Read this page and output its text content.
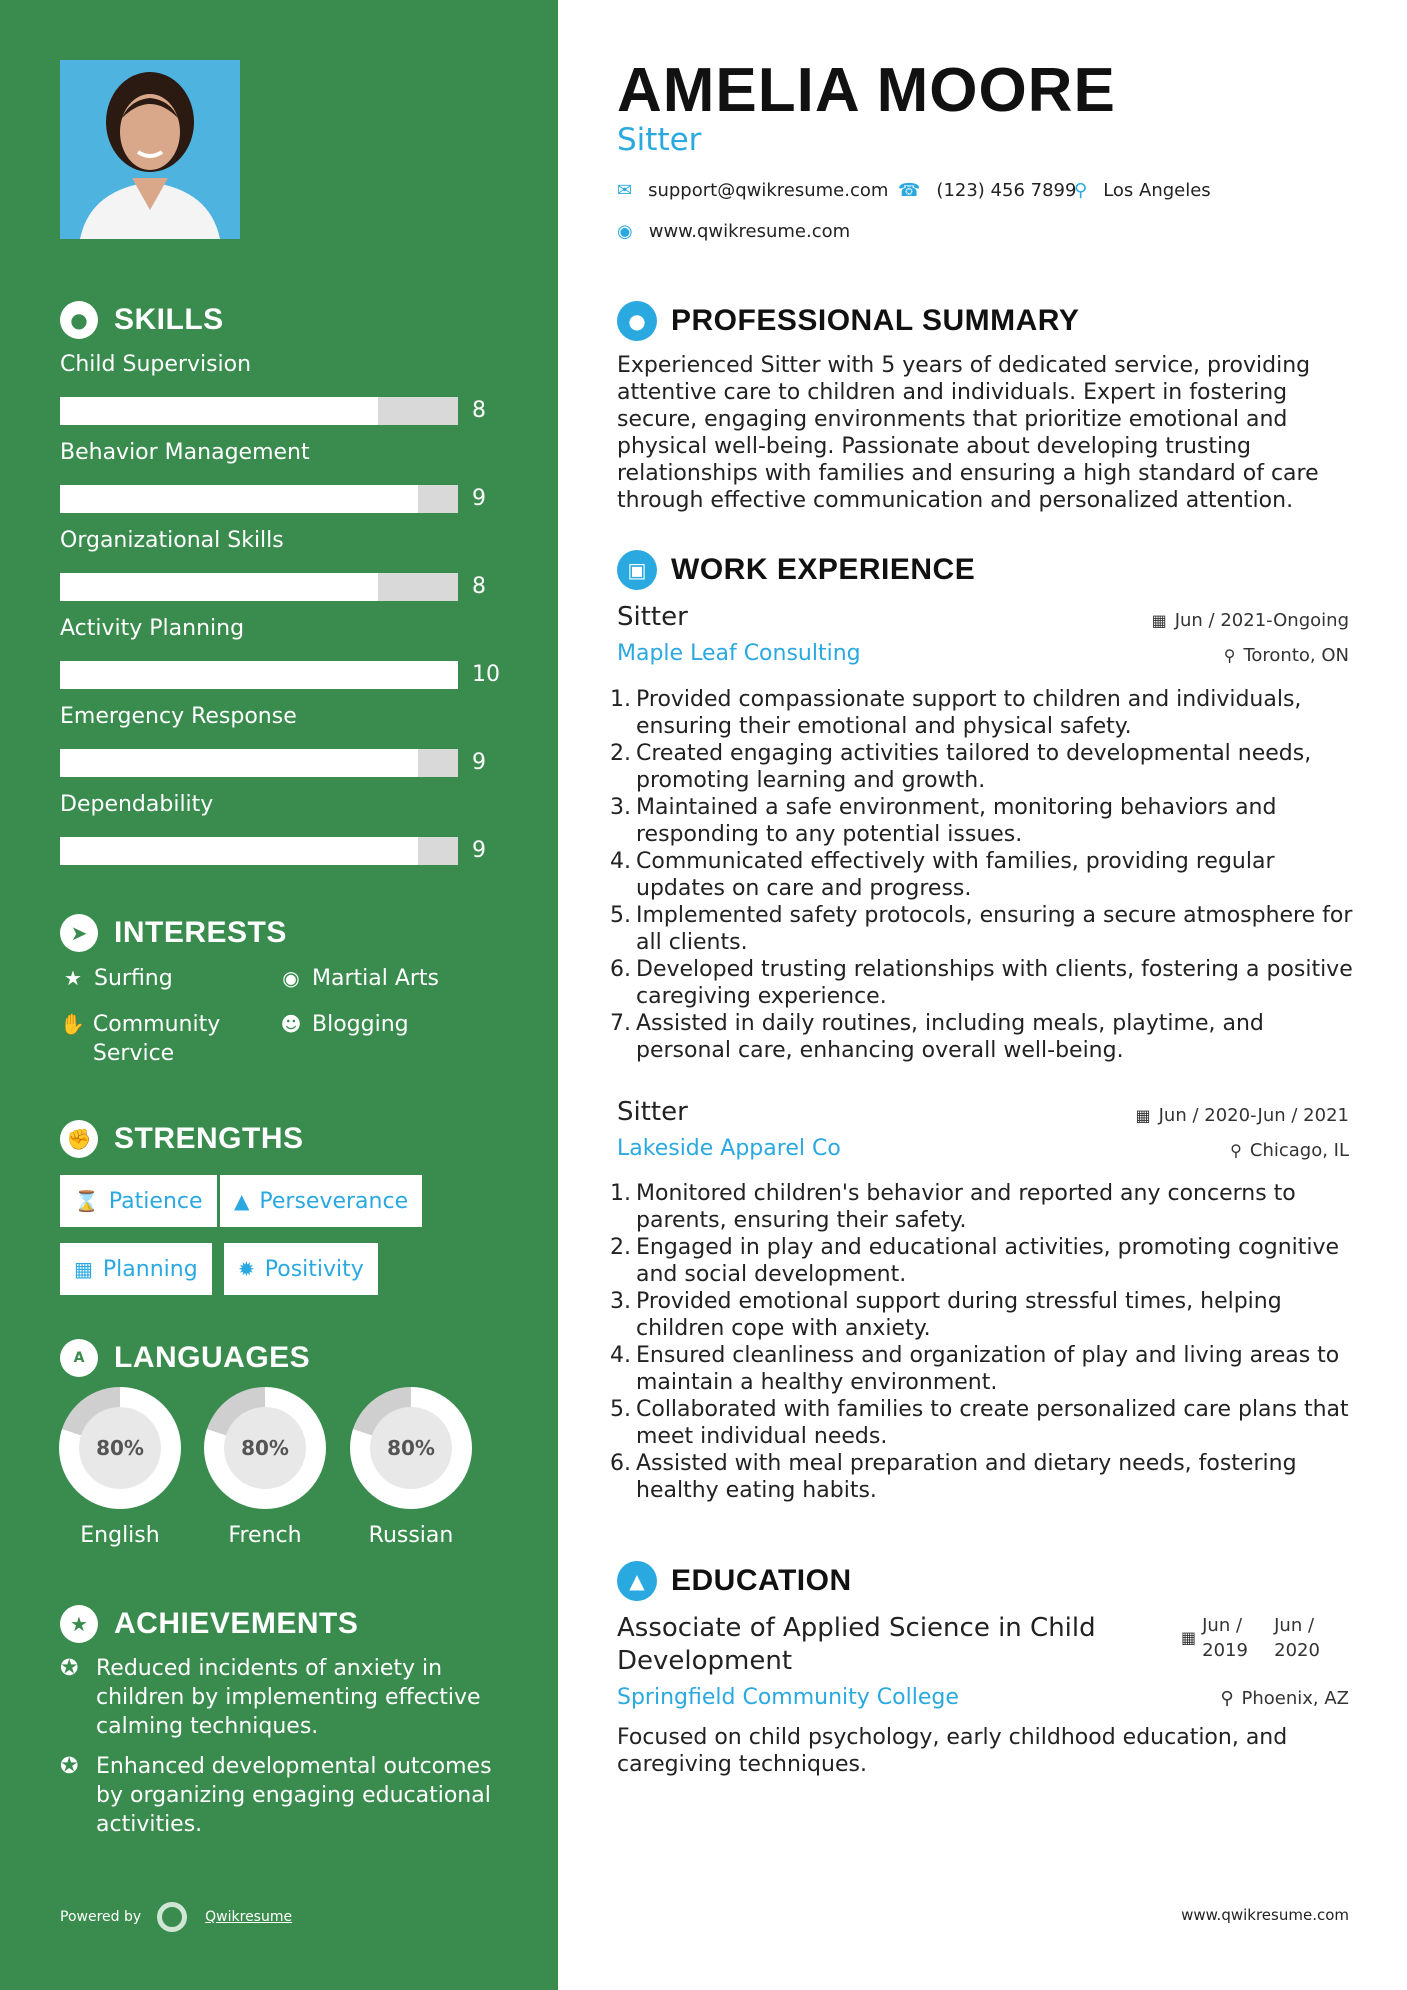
● SKILLS
Child Supervision
8
Behavior Management
9
Organizational Skills
8
Activity Planning
10
Emergency Response
9
Dependability
9
➤ INTERESTS
★ Surfing	◉ Martial Arts
✋ Community Service
☻ Blogging
✊ STRENGTHS
⌛ Patience ▲ Perseverance
▦ Planning ✹ Positivity
A LANGUAGES
80%
English
80%
French
80%
Russian
★ ACHIEVEMENTS
✪ Reduced incidents of anxiety in children by implementing effective calming techniques.
✪ Enhanced developmental outcomes by organizing engaging educational activities.
Powered by	Qwikresume
AMELIA MOORE
Sitter
✉ support@qwikresume.com ☎ (123) 456 7899
⚲ Los Angeles
◉ www.qwikresume.com
● PROFESSIONAL SUMMARY
Experienced Sitter with 5 years of dedicated service, providing attentive care to children and individuals. Expert in fostering secure, engaging environments that prioritize emotional and physical well-being. Passionate about developing trusting relationships with families and ensuring a high standard of care through effective communication and personalized attention.
▣ WORK EXPERIENCE
Sitter	▦ Jun / 2021-Ongoing
Maple Leaf Consulting	⚲ Toronto, ON
1. Provided compassionate support to children and individuals, ensuring their emotional and physical safety.
2. Created engaging activities tailored to developmental needs, promoting learning and growth.
3. Maintained a safe environment, monitoring behaviors and responding to any potential issues.
4. Communicated effectively with families, providing regular updates on care and progress.
5. Implemented safety protocols, ensuring a secure atmosphere for all clients.
6. Developed trusting relationships with clients, fostering a positive caregiving experience.
7. Assisted in daily routines, including meals, playtime, and personal care, enhancing overall well-being.
Sitter	▦ Jun / 2020-Jun / 2021
Lakeside Apparel Co	⚲ Chicago, IL
1. Monitored children's behavior and reported any concerns to parents, ensuring their safety.
2. Engaged in play and educational activities, promoting cognitive and social development.
3. Provided emotional support during stressful times, helping children cope with anxiety.
4. Ensured cleanliness and organization of play and living areas to maintain a healthy environment.
5. Collaborated with families to create personalized care plans that meet individual needs.
6. Assisted with meal preparation and dietary needs, fostering healthy eating habits.
▲ EDUCATION
Associate of Applied Science in Child Development
▦
Jun /
2019
Jun /
2020
Springfield Community College	⚲ Phoenix, AZ
Focused on child psychology, early childhood education, and caregiving techniques.
www.qwikresume.com
